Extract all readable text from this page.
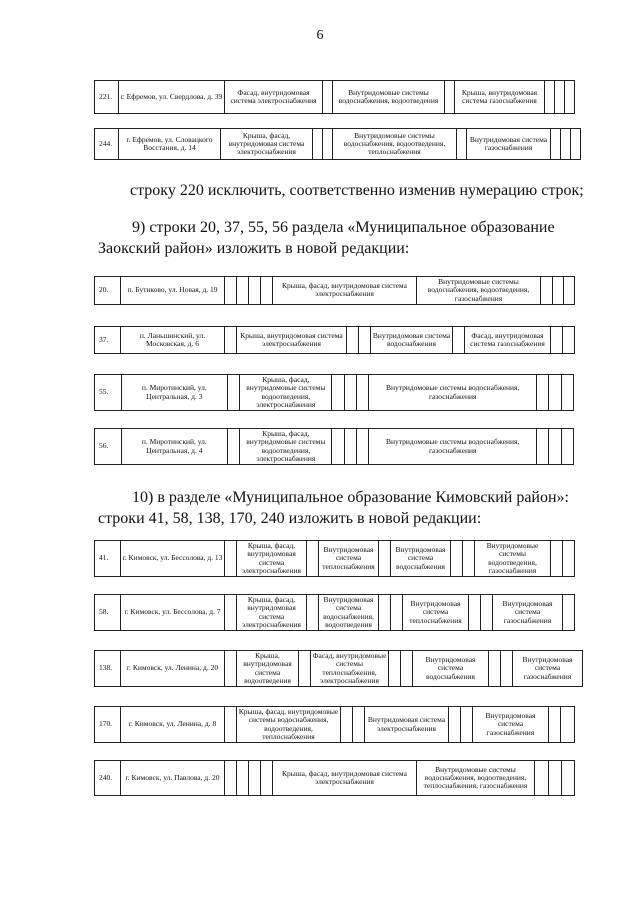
6
221.	г. Ефремов, ул. Свердлова, д. 39	Фасад, внутридомовая система электроснабжения		Внутридомовые системы водоснабжения, водоотведения		Крыша, внутридомовая система газоснабжения			
244.	г. Ефремов, ул. Словацкого Восстания, д. 14	Крыша, фасад, внутридомовая система электроснабжения			Внутридомовые системы водоснабжения, водоотведения, теплоснабжения		Внутридомовая система газоснабжения			
строку 220 исключить, соответственно изменив нумерацию строк;
9) строки 20, 37, 55, 56 раздела «Муниципальное образование Заокский район» изложить в новой редакции:
20.	п. Бутиково, ул. Новая, д. 19					Крыша, фасад, внутридомовая система электроснабжения	Внутридомовые системы водоснабжения, водоотведения, газоснабжения			
37.	п. Ланьшинский, ул. Московская, д. 6		Крыша, внутридомовая система электроснабжения			Внутридомовая система водоснабжения		Фасад, внутридомовая система газоснабжения		
55.	п. Миротинский, ул. Центральная, д. 3		Крыша, фасад, внутридомовые системы водоотведения, электроснабжения				Внутридомовые системы водоснабжения, газоснабжения			
56.	п. Миротинский, ул. Центральная, д. 4		Крыша, фасад, внутридомовые системы водоотведения, электроснабжения				Внутридомовые системы водоснабжения, газоснабжения			
10) в разделе «Муниципальное образование Кимовский район»: строки 41, 58, 138, 170, 240 изложить в новой редакции:
41.	г. Кимовск, ул. Бессолова, д. 13		Крыша, фасад, внутридомовая система электроснабжения		Внутридомовая система теплоснабжения		Внутридомовая система водоснабжения			Внутридомовые системы водоотведения, газоснабжения		
58.	г. Кимовск, ул. Бессолова, д. 7		Крыша, фасад, внутридомовая система электроснабжения		Внутридомовая система водоснабжения, водоотведения			Внутридомовая система теплоснабжения			Внутридомовая система газоснабжения	
138.	г. Кимовск, ул. Ленина, д. 20		Крыша, внутридомовая система водоотведения		Фасад, внутридомовые системы теплоснабжения, электроснабжения			Внутридомовая система водоснабжения			Внутридомовая система газоснабжения
170.	г. Кимовск, ул. Ленина, д. 8		Крыша, фасад, внутридомовые системы водоснабжения, водоотведения, теплоснабжения			Внутридомовая система электроснабжения			Внутридомовая система газоснабжения		
240.	г. Кимовск, ул. Павлова, д. 20					Крыша, фасад, внутридомовая система электроснабжения	Внутридомовые системы водоснабжения, водоотведения, теплоснабжения, газоснабжения			
